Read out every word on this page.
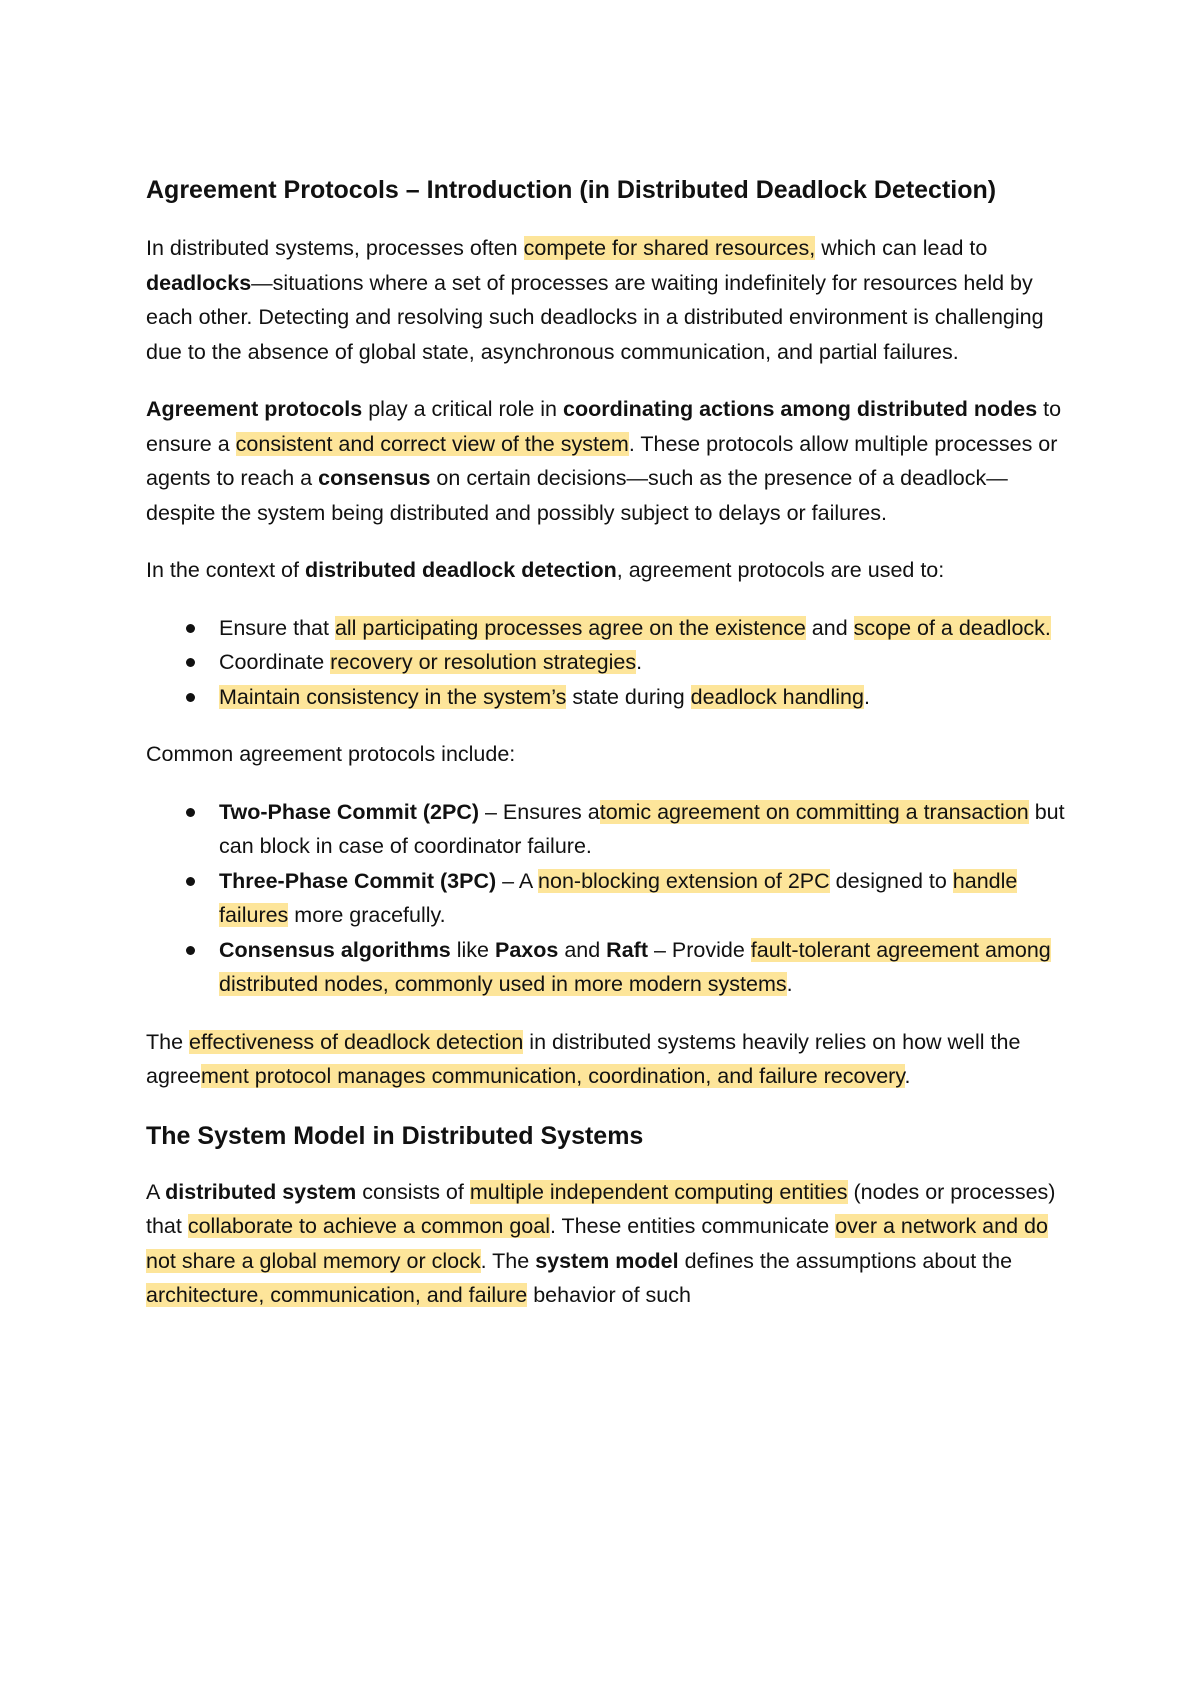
Agreement Protocols – Introduction (in Distributed Deadlock Detection)

In distributed systems, processes often compete for shared resources, which can lead to deadlocks—situations where a set of processes are waiting indefinitely for resources held by each other. Detecting and resolving such deadlocks in a distributed environment is challenging due to the absence of global state, asynchronous communication, and partial failures.

Agreement protocols play a critical role in coordinating actions among distributed nodes to ensure a consistent and correct view of the system. These protocols allow multiple processes or agents to reach a consensus on certain decisions—such as the presence of a deadlock—despite the system being distributed and possibly subject to delays or failures.

In the context of distributed deadlock detection, agreement protocols are used to:

Ensure that all participating processes agree on the existence and scope of a deadlock.
Coordinate recovery or resolution strategies.
Maintain consistency in the system’s state during deadlock handling.

Common agreement protocols include:

Two-Phase Commit (2PC) – Ensures atomic agreement on committing a transaction but can block in case of coordinator failure.
Three-Phase Commit (3PC) – A non-blocking extension of 2PC designed to handle failures more gracefully.
Consensus algorithms like Paxos and Raft – Provide fault-tolerant agreement among distributed nodes, commonly used in more modern systems.

The effectiveness of deadlock detection in distributed systems heavily relies on how well the agreement protocol manages communication, coordination, and failure recovery.

The System Model in Distributed Systems

A distributed system consists of multiple independent computing entities (nodes or processes) that collaborate to achieve a common goal. These entities communicate over a network and do not share a global memory or clock. The system model defines the assumptions about the architecture, communication, and failure behavior of such
